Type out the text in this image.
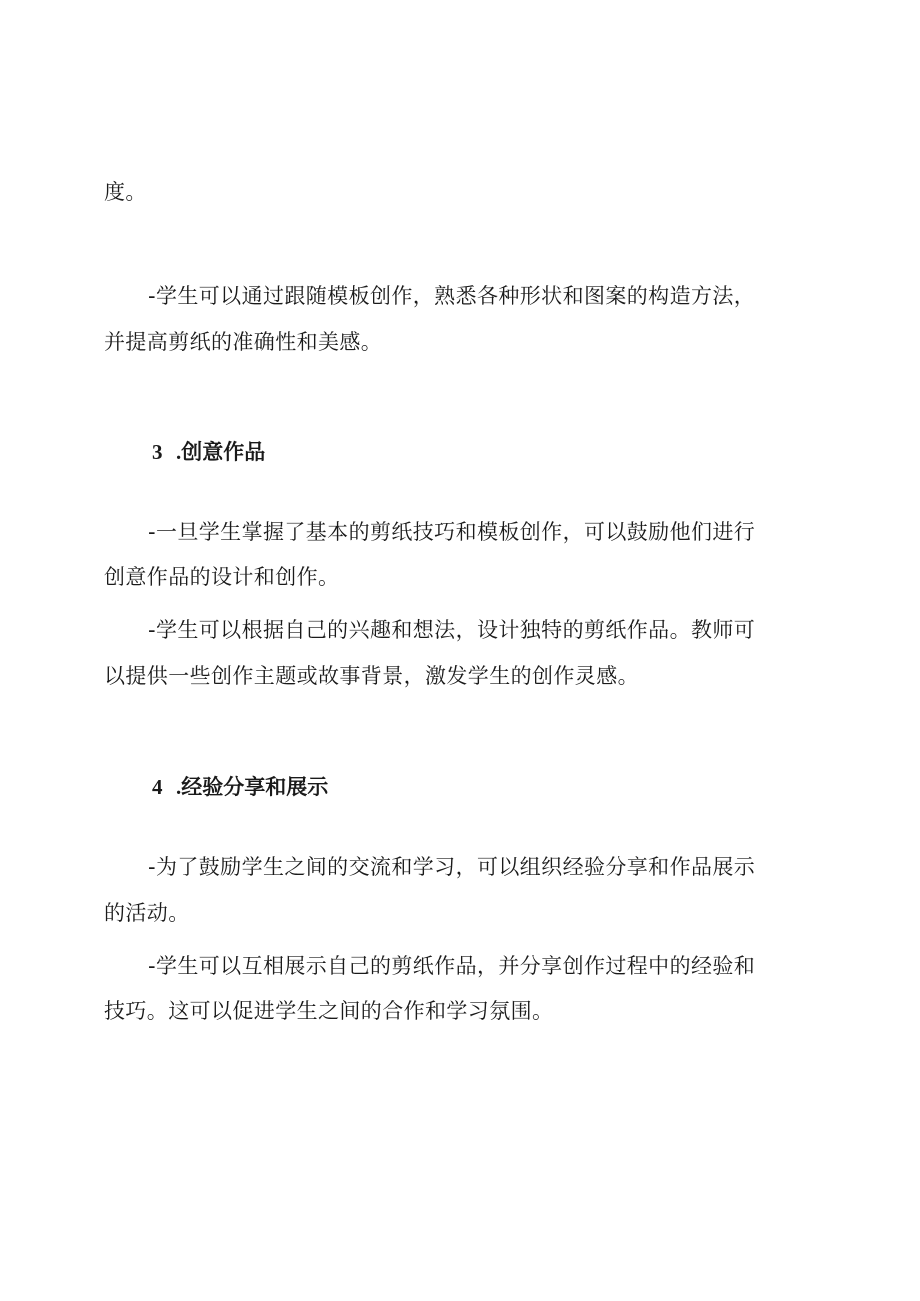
度。
-学生可以通过跟随模板创作，熟悉各种形状和图案的构造方法，
并提高剪纸的准确性和美感。
3 .创意作品
-一旦学生掌握了基本的剪纸技巧和模板创作，可以鼓励他们进行
创意作品的设计和创作。
-学生可以根据自己的兴趣和想法，设计独特的剪纸作品。教师可
以提供一些创作主题或故事背景，激发学生的创作灵感。
4 .经验分享和展示
-为了鼓励学生之间的交流和学习，可以组织经验分享和作品展示
的活动。
-学生可以互相展示自己的剪纸作品，并分享创作过程中的经验和
技巧。这可以促进学生之间的合作和学习氛围。
